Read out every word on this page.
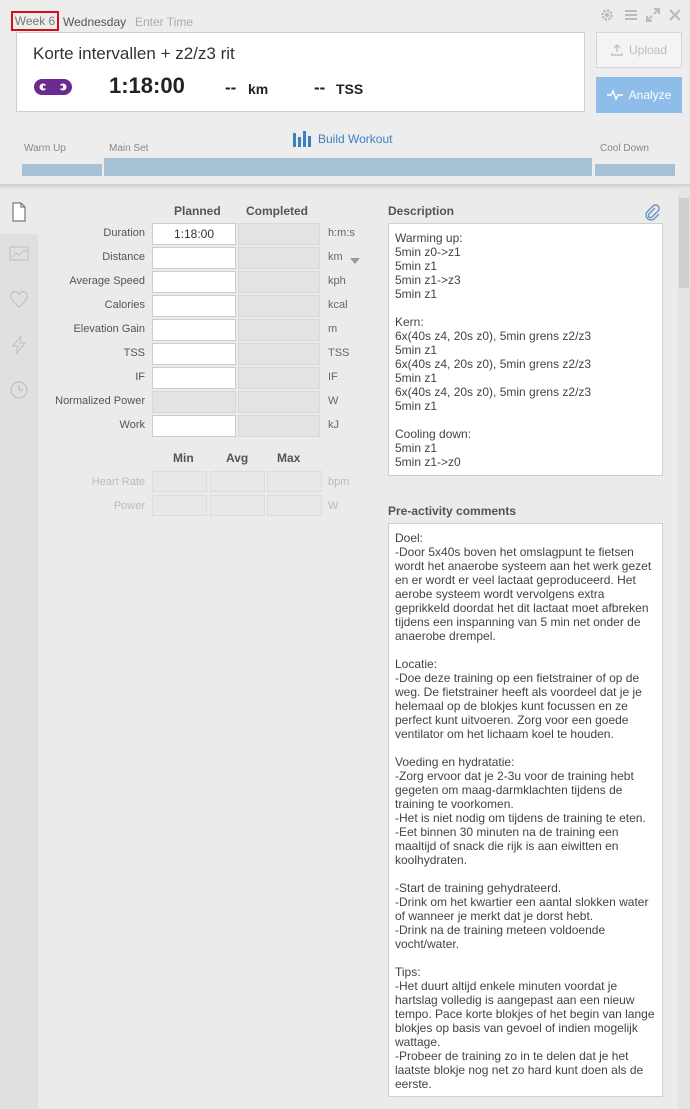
Week 6 Wednesday Enter Time
Korte intervallen + z2/z3 rit
1:18:00 -- km	-- TSS
Upload
Analyze
Warm Up	Main Set	Cool Down
Build Workout
Planned Completed
Duration	1:18:00	h:m:s
Distance	km
Average Speed	kph
Calories	kcal
Elevation Gain	m
TSS	TSS
IF	IF
Normalized Power	W
Work	kJ
Min	Avg Max
Heart Rate	bpm
Power	W
Description
Warming up:
5min z0->z1
5min z1
5min z1->z3
5min z1

Kern:
6x(40s z4, 20s z0), 5min grens z2/z3
5min z1
6x(40s z4, 20s z0), 5min grens z2/z3
5min z1
6x(40s z4, 20s z0), 5min grens z2/z3
5min z1

Cooling down:
5min z1
5min z1->z0
Pre-activity comments
Doel:
-Door 5x40s boven het omslagpunt te fietsen wordt het anaerobe systeem aan het werk gezet en er wordt er veel lactaat geproduceerd. Het aerobe systeem wordt vervolgens extra geprikkeld doordat het dit lactaat moet afbreken tijdens een inspanning van 5 min net onder de anaerobe drempel.

Locatie:
-Doe deze training op een fietstrainer of op de weg. De fietstrainer heeft als voordeel dat je je helemaal op de blokjes kunt focussen en ze perfect kunt uitvoeren. Zorg voor een goede ventilator om het lichaam koel te houden.

Voeding en hydratatie:
-Zorg ervoor dat je 2-3u voor de training hebt gegeten om maag-darmklachten tijdens de training te voorkomen.
-Het is niet nodig om tijdens de training te eten.
-Eet binnen 30 minuten na de training een maaltijd of snack die rijk is aan eiwitten en koolhydraten.

-Start de training gehydrateerd.
-Drink om het kwartier een aantal slokken water of wanneer je merkt dat je dorst hebt.
-Drink na de training meteen voldoende vocht/water.

Tips:
-Het duurt altijd enkele minuten voordat je hartslag volledig is aangepast aan een nieuw tempo. Pace korte blokjes of het begin van lange blokjes op basis van gevoel of indien mogelijk wattage.
-Probeer de training zo in te delen dat je het laatste blokje nog net zo hard kunt doen als de eerste.
